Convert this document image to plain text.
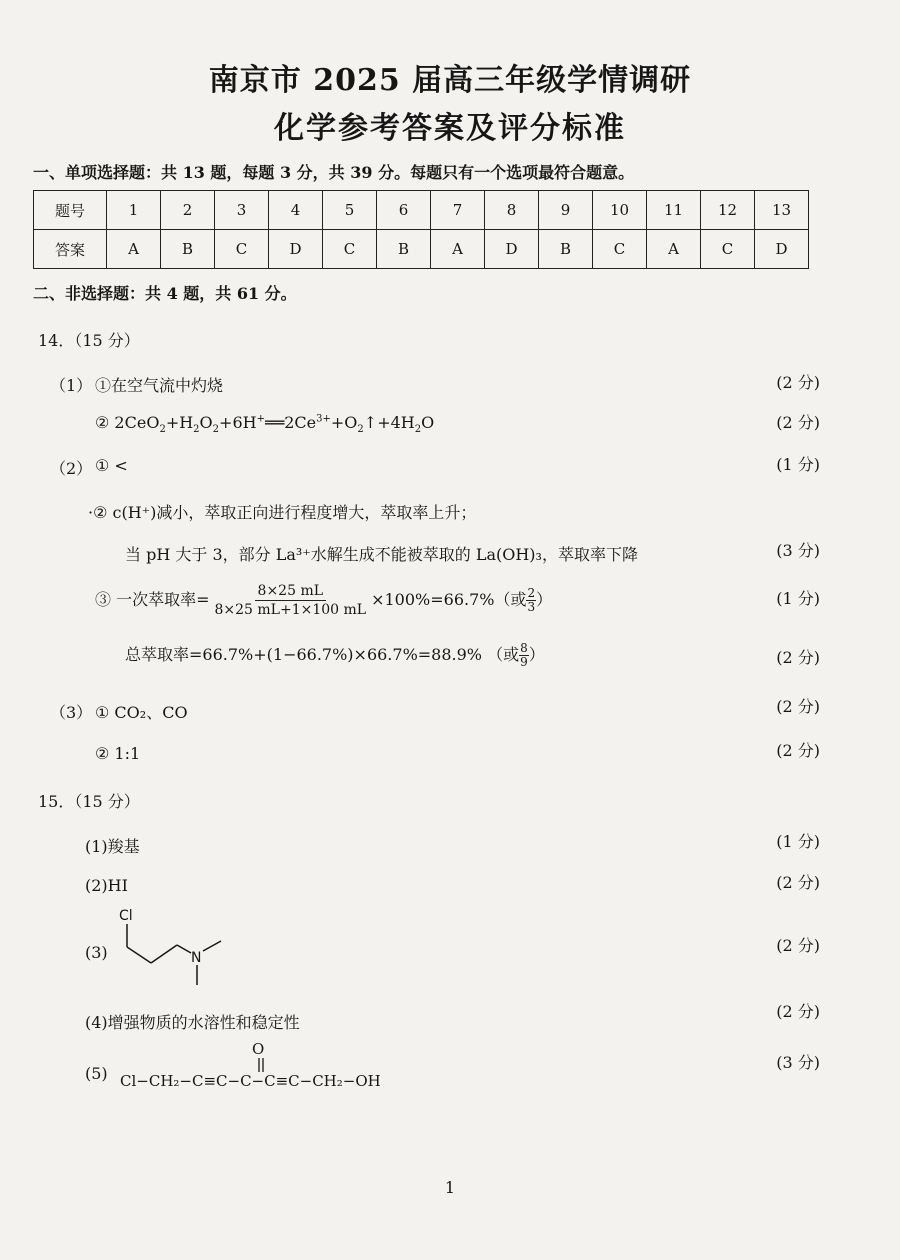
南京市 2025 届高三年级学情调研
化学参考答案及评分标准
一、单项选择题：共 13 题，每题 3 分，共 39 分。每题只有一个选项最符合题意。
题号	1	2	3	4	5	6	7	8	9	10	11	12	13
答案	A	B	C	D	C	B	A	D	B	C	A	C	D
二、非选择题：共 4 题，共 61 分。
14．（15 分）
（1） ①在空气流中灼烧	(2 分)
② $2CeO_2+H_2O_2+6H^+══2Ce^{3+}+O_2↑+4H_2O$	(2 分)
（2） ① <	(1 分)
·② c(H⁺)减小，萃取正向进行程度增大，萃取率上升；
当 pH 大于 3，部分 La³⁺水解生成不能被萃取的 La(OH)₃，萃取率下降	(3 分)
③ 一次萃取率= $\frac{8\times 25 mL}{8\times 25 mL+1\times 100 mL} \times 100\%=66.7\%$（或 $\frac{2}{3}$ ）	(1 分)
总萃取率=66.7%+(1−66.7%)×66.7%=88.9% （或 $\frac{8}{9}$ ）	(2 分)
（3） ① CO₂、CO	(2 分)
② 1:1	(2 分)
15．（15 分）
(1)羧基	(1 分)
(2)HI	(2 分)
(3)
Cl
N
(2 分)
(4)增强物质的水溶性和稳定性
(2 分)
(5)
O
Cl−CH₂−C≡C−C−C≡C−CH₂−OH
(3 分)
1
